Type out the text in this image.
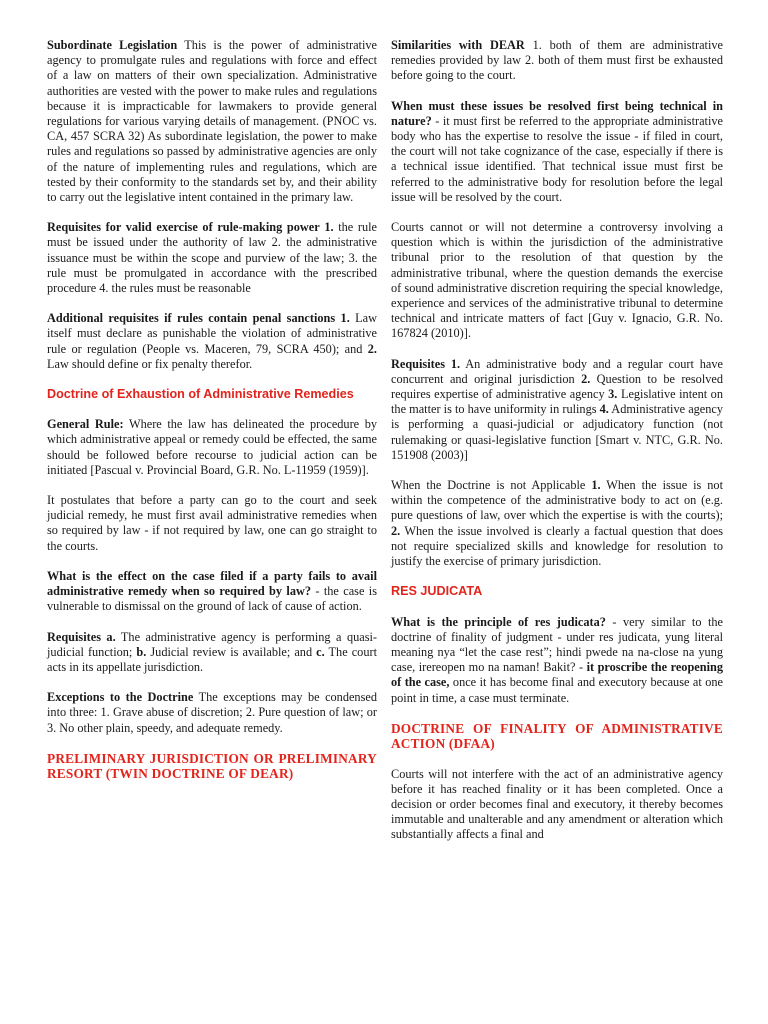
Subordinate Legislation This is the power of administrative agency to promulgate rules and regulations with force and effect of a law on matters of their own specialization. Administrative authorities are vested with the power to make rules and regulations because it is impracticable for lawmakers to provide general regulations for various varying details of management. (PNOC vs. CA, 457 SCRA 32) As subordinate legislation, the power to make rules and regulations so passed by administrative agencies are only of the nature of implementing rules and regulations, which are tested by their conformity to the standards set by, and their ability to carry out the legislative intent contained in the primary law.

Requisites for valid exercise of rule-making power 1. the rule must be issued under the authority of law 2. the administrative issuance must be within the scope and purview of the law; 3. the rule must be promulgated in accordance with the prescribed procedure 4. the rules must be reasonable

Additional requisites if rules contain penal sanctions 1. Law itself must declare as punishable the violation of administrative rule or regulation (People vs. Maceren, 79, SCRA 450); and 2. Law should define or fix penalty therefor.

Doctrine of Exhaustion of Administrative Remedies

General Rule: Where the law has delineated the procedure by which administrative appeal or remedy could be effected, the same should be followed before recourse to judicial action can be initiated [Pascual v. Provincial Board, G.R. No. L-11959 (1959)].

It postulates that before a party can go to the court and seek judicial remedy, he must first avail administrative remedies when so required by law - if not required by law, one can go straight to the courts.

What is the effect on the case filed if a party fails to avail administrative remedy when so required by law? - the case is vulnerable to dismissal on the ground of lack of cause of action.

Requisites a. The administrative agency is performing a quasi-judicial function; b. Judicial review is available; and c. The court acts in its appellate jurisdiction.

Exceptions to the Doctrine The exceptions may be condensed into three: 1. Grave abuse of discretion; 2. Pure question of law; or 3. No other plain, speedy, and adequate remedy.

PRELIMINARY JURISDICTION OR PRELIMINARY RESORT (TWIN DOCTRINE OF DEAR)

Similarities with DEAR 1. both of them are administrative remedies provided by law 2. both of them must first be exhausted before going to the court.

When must these issues be resolved first being technical in nature? - it must first be referred to the appropriate administrative body who has the expertise to resolve the issue - if filed in court, the court will not take cognizance of the case, especially if there is a technical issue identified. That technical issue must first be referred to the administrative body for resolution before the legal issue will be resolved by the court.

Courts cannot or will not determine a controversy involving a question which is within the jurisdiction of the administrative tribunal prior to the resolution of that question by the administrative tribunal, where the question demands the exercise of sound administrative discretion requiring the special knowledge, experience and services of the administrative tribunal to determine technical and intricate matters of fact [Guy v. Ignacio, G.R. No. 167824 (2010)].

Requisites 1. An administrative body and a regular court have concurrent and original jurisdiction 2. Question to be resolved requires expertise of administrative agency 3. Legislative intent on the matter is to have uniformity in rulings 4. Administrative agency is performing a quasi-judicial or adjudicatory function (not rulemaking or quasi-legislative function [Smart v. NTC, G.R. No. 151908 (2003)]

When the Doctrine is not Applicable 1. When the issue is not within the competence of the administrative body to act on (e.g. pure questions of law, over which the expertise is with the courts); 2. When the issue involved is clearly a factual question that does not require specialized skills and knowledge for resolution to justify the exercise of primary jurisdiction.

RES JUDICATA

What is the principle of res judicata? - very similar to the doctrine of finality of judgment - under res judicata, yung literal meaning nya “let the case rest”; hindi pwede na na-close na yung case, irereopen mo na naman! Bakit? - it proscribe the reopening of the case, once it has become final and executory because at one point in time, a case must terminate.

DOCTRINE OF FINALITY OF ADMINISTRATIVE ACTION (DFAA)

Courts will not interfere with the act of an administrative agency before it has reached finality or it has been completed. Once a decision or order becomes final and executory, it thereby becomes immutable and unalterable and any amendment or alteration which substantially affects a final and
